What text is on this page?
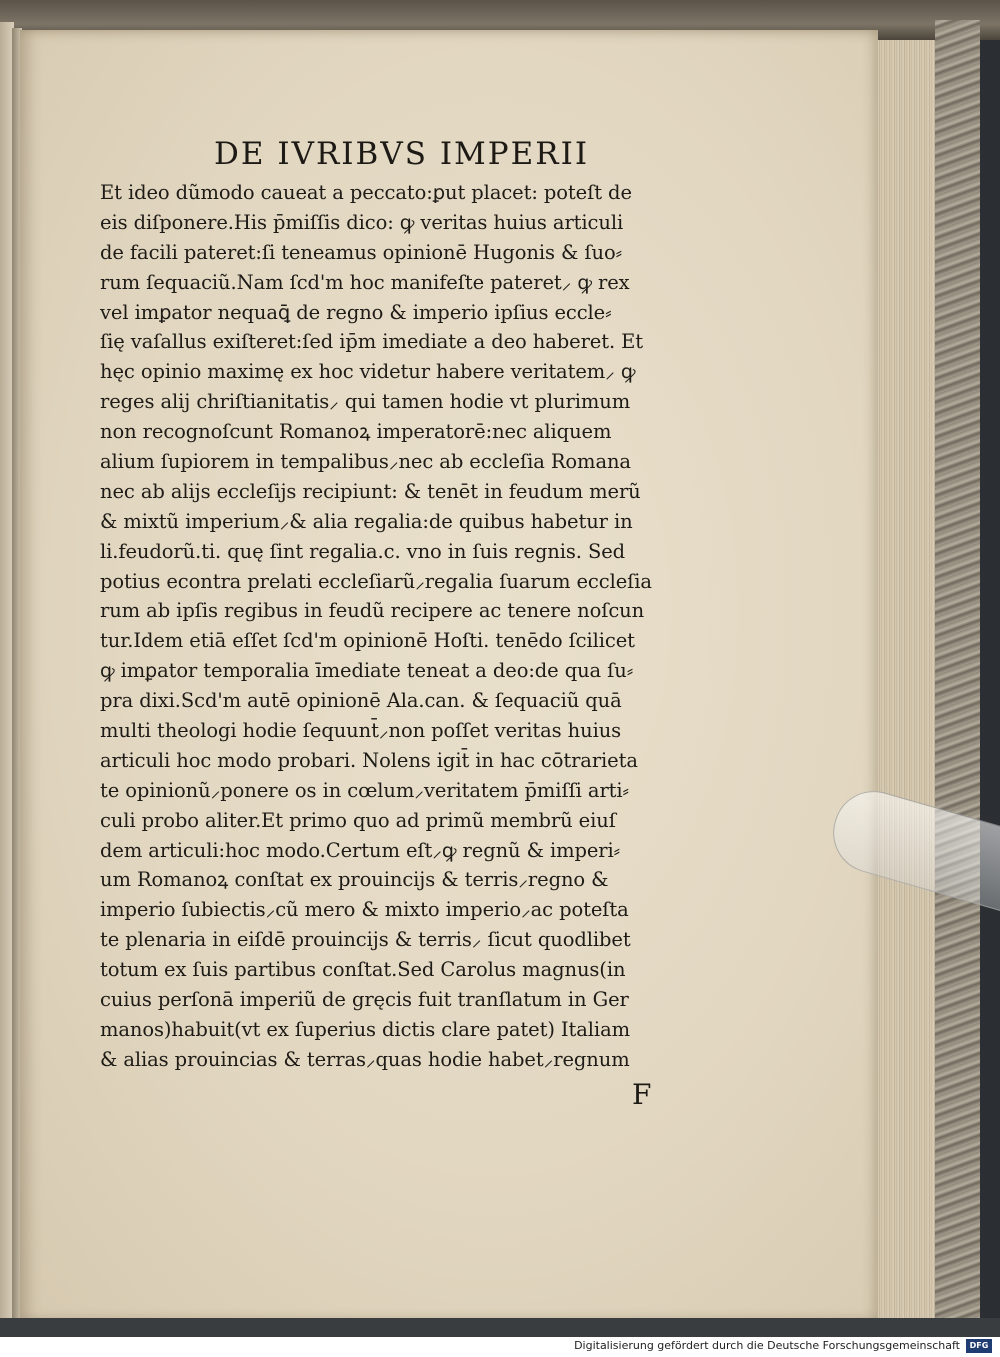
DE IVRIBVS IMPERII
Et ideo dũmodo caueat a peccato:ꝑut placet: poteſt de
eis diſponere.His p̄miſſis dico: ꝙ veritas huius articuli
de facili pateret:ſi teneamus opinionē Hugonis & ſuo⸗
rum ſequaciũ.Nam ſcd'm hoc manifeſte pateret⸝ ꝙ rex
vel imꝑator nequaꝗ̄ de regno & imperio ipſius eccle⸗
ſię vaſallus exiſteret:ſed ip̄m imediate a deo haberet. Et
hęc opinio maximę ex hoc videtur habere veritatem⸝ ꝙ
reges alij chriſtianitatis⸝ qui tamen hodie vt plurimum
non recognoſcunt Romanoꝝ imperatorē:nec aliquem
alium ſupiorem in tempalibus⸝nec ab eccleſia Romana
nec ab alijs eccleſijs recipiunt: & tenēt in feudum merũ
& mixtũ imperium⸝& alia regalia:de quibus habetur in
li.feudorũ.ti. quę ſint regalia.c. vno in ſuis regnis. Sed
potius econtra prelati eccleſiarũ⸝regalia ſuarum eccleſia
rum ab ipſis regibus in feudũ recipere ac tenere noſcun
tur.Idem etiā eſſet ſcd'm opinionē Hoſti. tenēdo ſcilicet
ꝙ imꝑator temporalia īmediate teneat a deo:de qua ſu⸗
pra dixi.Scd'm autē opinionē Ala.can. & ſequaciũ quā
multi theologi hodie ſequunt̄⸝non poſſet veritas huius
articuli hoc modo probari. Nolens igit̄ in hac cōtrarieta
te opinionũ⸝ponere os in cœlum⸝veritatem p̄miſſi arti⸗
culi probo aliter.Et primo quo ad primũ membrũ eiuſ
dem articuli:hoc modo.Certum eſt⸝ꝙ regnũ & imperi⸗
um Romanoꝝ conſtat ex prouincijs & terris⸝regno &
imperio ſubiectis⸝cũ mero & mixto imperio⸝ac poteſta
te plenaria in eiſdē prouincijs & terris⸝ ſicut quodlibet
totum ex ſuis partibus conſtat.Sed Carolus magnus(in
cuius perſonā imperiũ de gręcis fuit tranſlatum in Ger
manos)habuit(vt ex ſuperius dictis clare patet) Italiam
& alias prouincias & terras⸝quas hodie habet⸝regnum
F
Digitalisierung gefördert durch die Deutsche Forschungsgemeinschaft	DFG
